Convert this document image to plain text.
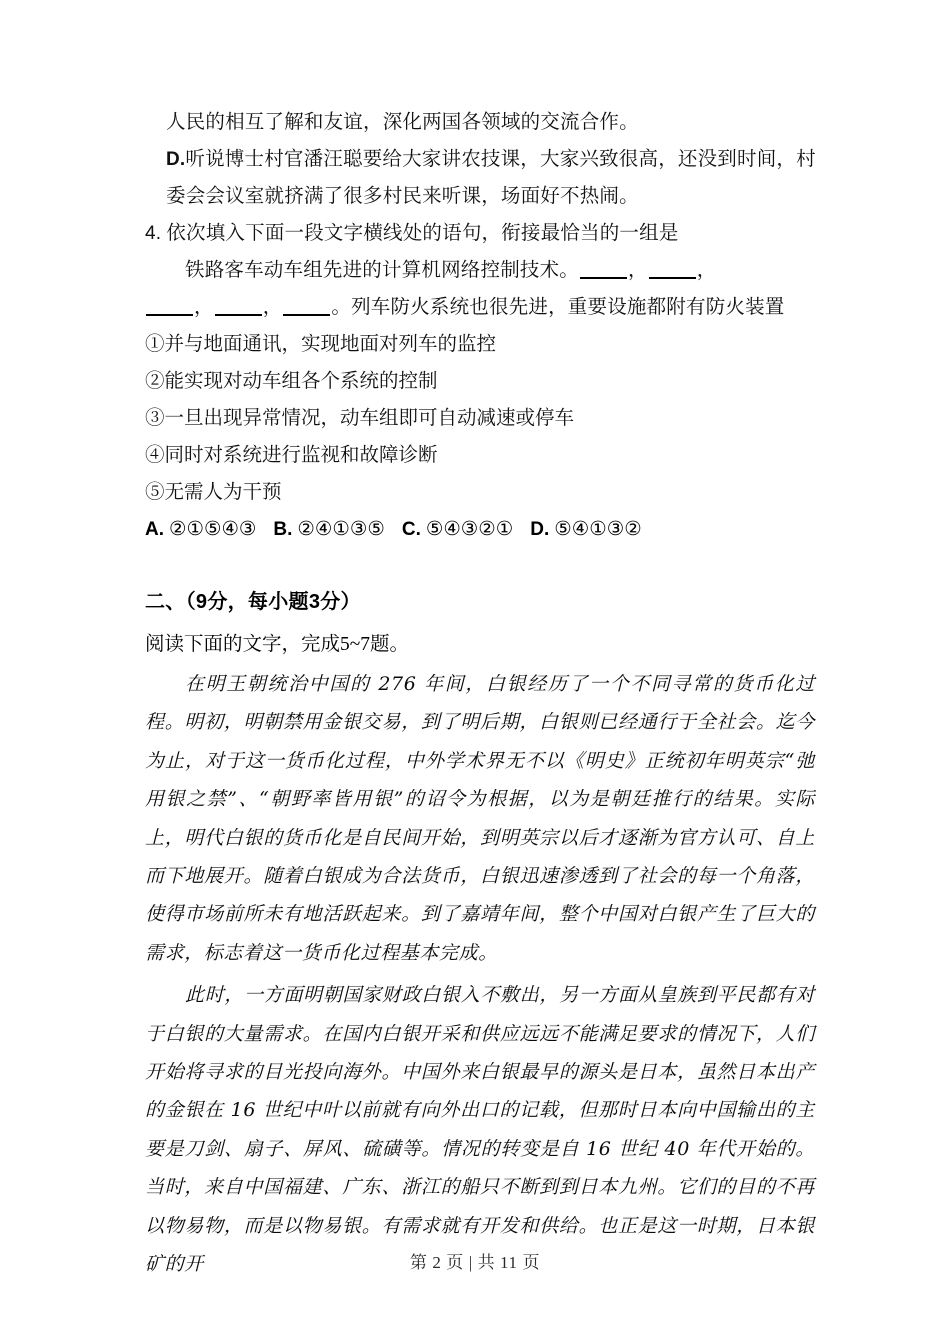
人民的相互了解和友谊，深化两国各领域的交流合作。
D.听说博士村官潘汪聪要给大家讲农技课，大家兴致很高，还没到时间，村
委会会议室就挤满了很多村民来听课，场面好不热闹。
4. 依次填入下面一段文字横线处的语句，衔接最恰当的一组是
铁路客车动车组先进的计算机网络控制技术。	，	，
，	，	。列车防火系统也很先进，重要设施都附有防火装置
①并与地面通讯，实现地面对列车的监控
②能实现对动车组各个系统的控制
③一旦出现异常情况，动车组即可自动减速或停车
④同时对系统进行监视和故障诊断
⑤无需人为干预
A. ②①⑤④③ B. ②④①③⑤ C. ⑤④③②① D. ⑤④①③②
二、（9分，每小题3分）
阅读下面的文字，完成5~7题。

在明王朝统治中国的 276 年间，白银经历了一个不同寻常的货币化过程。明初，明朝禁用金银交易，到了明后期，白银则已经通行于全社会。迄今为止，对于这一货币化过程，中外学术界无不以《明史》正统初年明英宗“弛用银之禁”、“朝野率皆用银”的诏令为根据，以为是朝廷推行的结果。实际上，明代白银的货币化是自民间开始，到明英宗以后才逐渐为官方认可、自上而下地展开。随着白银成为合法货币，白银迅速渗透到了社会的每一个角落，使得市场前所未有地活跃起来。到了嘉靖年间，整个中国对白银产生了巨大的需求，标志着这一货币化过程基本完成。

此时，一方面明朝国家财政白银入不敷出，另一方面从皇族到平民都有对于白银的大量需求。在国内白银开采和供应远远不能满足要求的情况下，人们开始将寻求的目光投向海外。中国外来白银最早的源头是日本，虽然日本出产的金银在 16 世纪中叶以前就有向外出口的记载，但那时日本向中国输出的主要是刀剑、扇子、屏风、硫磺等。情况的转变是自 16 世纪 40 年代开始的。当时，来自中国福建、广东、浙江的船只不断到到日本九州。它们的目的不再以物易物，而是以物易银。有需求就有开发和供给。也正是这一时期，日本银矿的开	第 2 页 | 共 11 页
